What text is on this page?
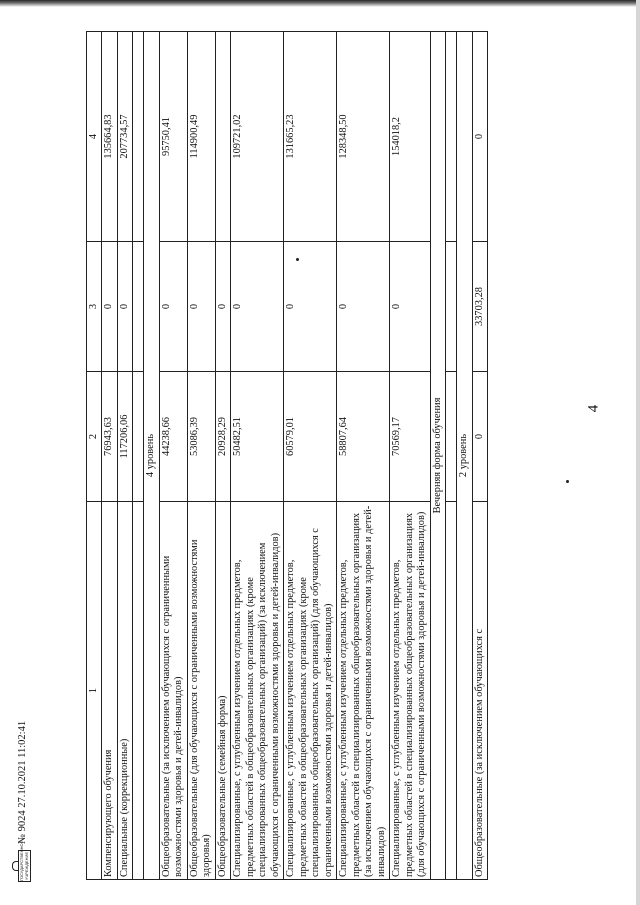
4
ГОСУДАРСТВЕННОЕ УЧРЕЖДЕНИЕ
№ 9024 27.10.2021 11:02:41
1	2	3	4
Компенсирующего обучения	76943,63	0	135664,83
Специальные (коррекционные)	117206,06	0	207734,57

4 уровень			
Общеобразовательные (за исключением обучающихся с ограниченными возможностями здоровья и детей-инвалидов)	44238,66	0	95750,41
Общеобразовательные (для обучающихся с ограниченными возможностями здоровья)	53086,39	0	114900,49
Общеобразовательные (семейная форма)	20928,29	0	
Специализированные, с углубленным изучением отдельных предметов, предметных областей в общеобразовательных организациях (кроме специализированных общеобразовательных организаций) (за исключением обучающихся с ограниченными возможностями здоровья и детей-инвалидов)	50482,51	0	109721,02
Специализированные, с углубленным изучением отдельных предметов, предметных областей в общеобразовательных организациях (кроме специализированных общеобразовательных организаций) (для обучающихся с ограниченными возможностями здоровья и детей-инвалидов)	60579,01	0	131665,23
Специализированные, с углубленным изучением отдельных предметов, предметных областей в специализированных общеобразовательных организациях (за исключением обучающихся с ограниченными возможностями здоровья и детей-инвалидов)	58807,64	0	128348,50
Специализированные, с углубленным изучением отдельных предметов, предметных областей в специализированных общеобразовательных организациях (для обучающихся с ограниченными возможностями здоровья и детей-инвалидов)	70569,17	0	154018,2
Вечерняя форма обучения			

2 уровень			
Общеобразовательные (за исключением обучающихся с	0	33703,28	0
